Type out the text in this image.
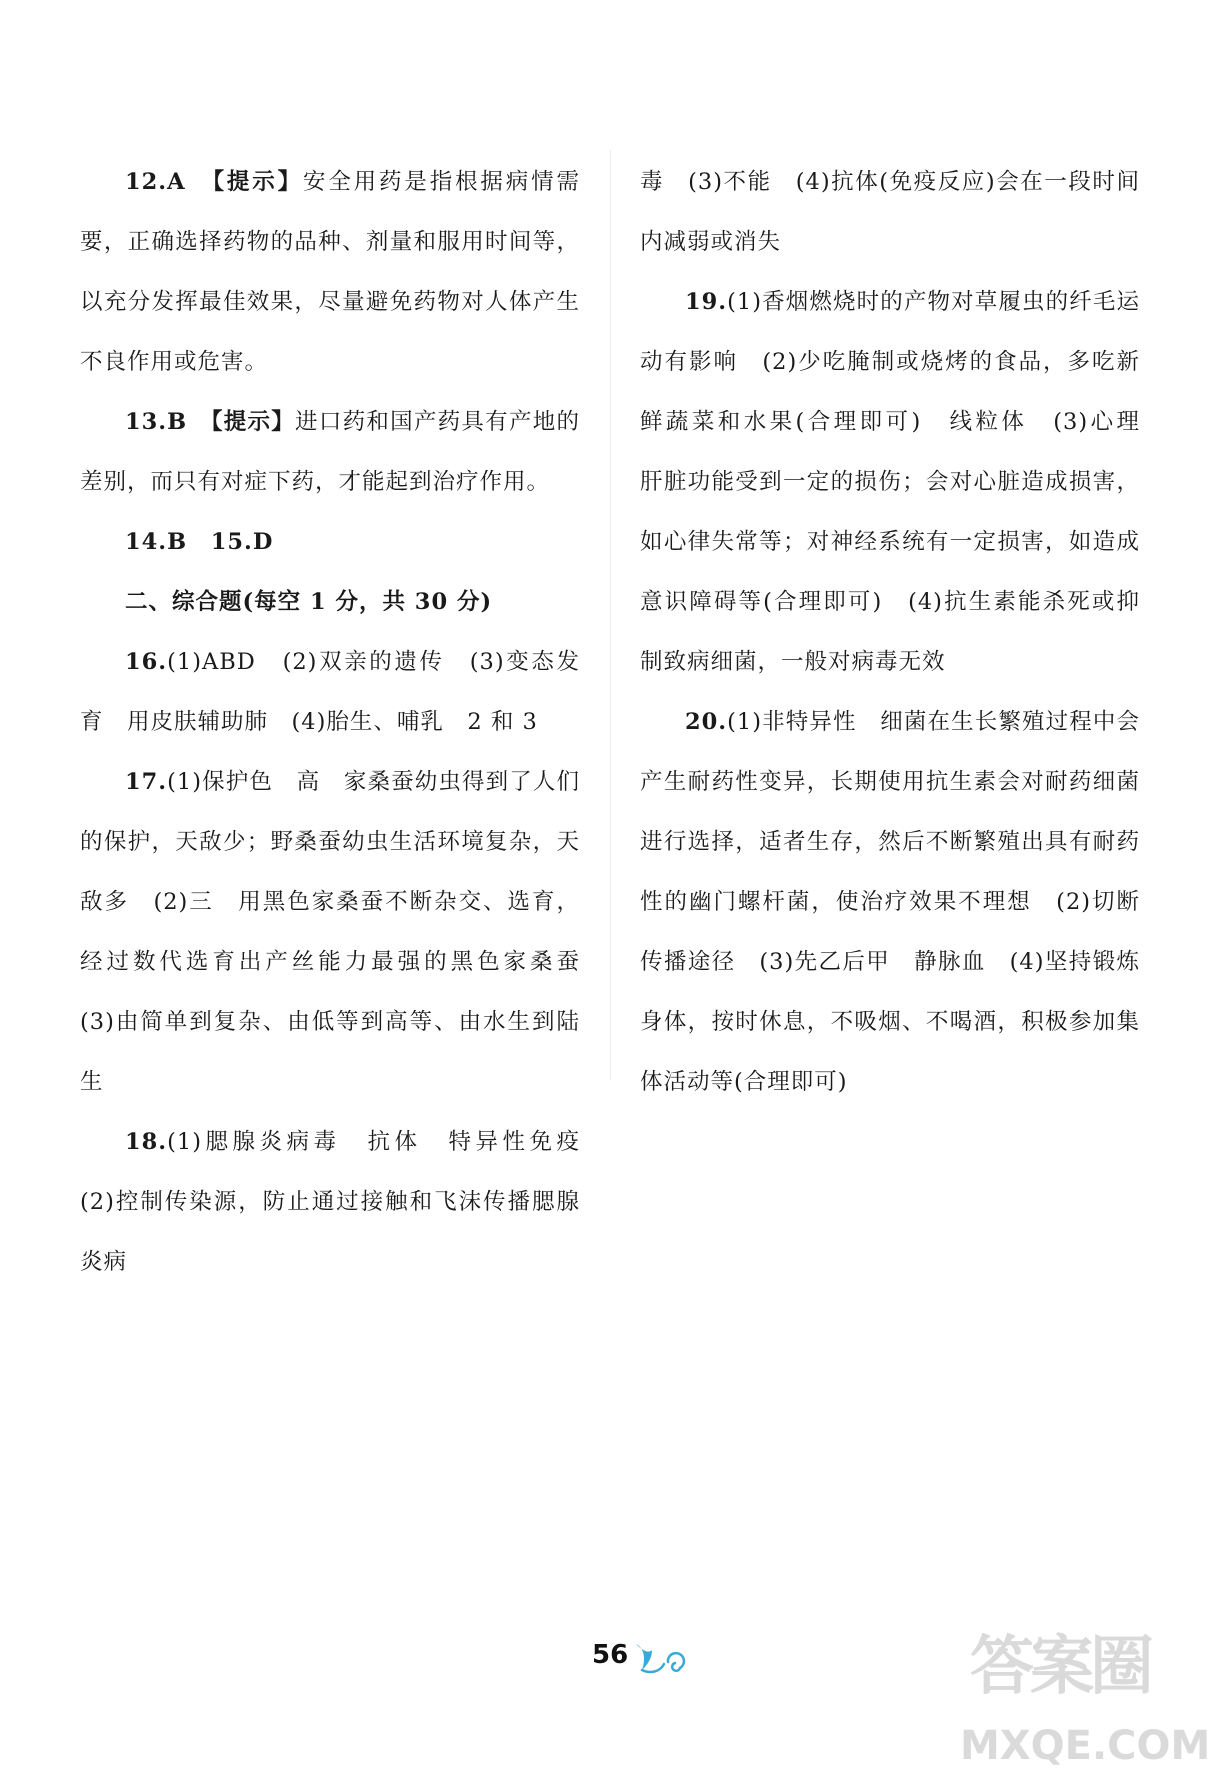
12.A　 【提示】安全用药是指根据病情需要，正确选择药物的品种、剂量和服用时间等，以充分发挥最佳效果，尽量避免药物对人体产生不良作用或危害。

13.B　 【提示】进口药和国产药具有产地的差别，而只有对症下药，才能起到治疗作用。

14.B　 15.D

二、综合题(每空 1 分，共 30 分)

16.(1)ABD　(2)双亲的遗传　(3)变态发育　用皮肤辅助肺　(4)胎生、哺乳　2 和 3

17.(1)保护色　高　家桑蚕幼虫得到了人们的保护，天敌少；野桑蚕幼虫生活环境复杂，天敌多　(2)三　用黑色家桑蚕不断杂交、选育，经过数代选育出产丝能力最强的黑色家桑蚕　(3)由简单到复杂、由低等到高等、由水生到陆生

18.(1)腮腺炎病毒　抗体　特异性免疫　(2)控制传染源，防止通过接触和飞沫传播腮腺炎病

毒　(3)不能　(4)抗体(免疫反应)会在一段时间内减弱或消失

19.(1)香烟燃烧时的产物对草履虫的纤毛运动有影响　(2)少吃腌制或烧烤的食品，多吃新鲜蔬菜和水果(合理即可)　线粒体　(3)心理　肝脏功能受到一定的损伤；会对心脏造成损害，如心律失常等；对神经系统有一定损害，如造成意识障碍等(合理即可)　(4)抗生素能杀死或抑制致病细菌，一般对病毒无效

20.(1)非特异性　细菌在生长繁殖过程中会产生耐药性变异，长期使用抗生素会对耐药细菌进行选择，适者生存，然后不断繁殖出具有耐药性的幽门螺杆菌，使治疗效果不理想　(2)切断传播途径　(3)先乙后甲　静脉血　(4)坚持锻炼身体，按时休息，不吸烟、不喝酒，积极参加集体活动等(合理即可)

56	答案圈
MXQE.COM
